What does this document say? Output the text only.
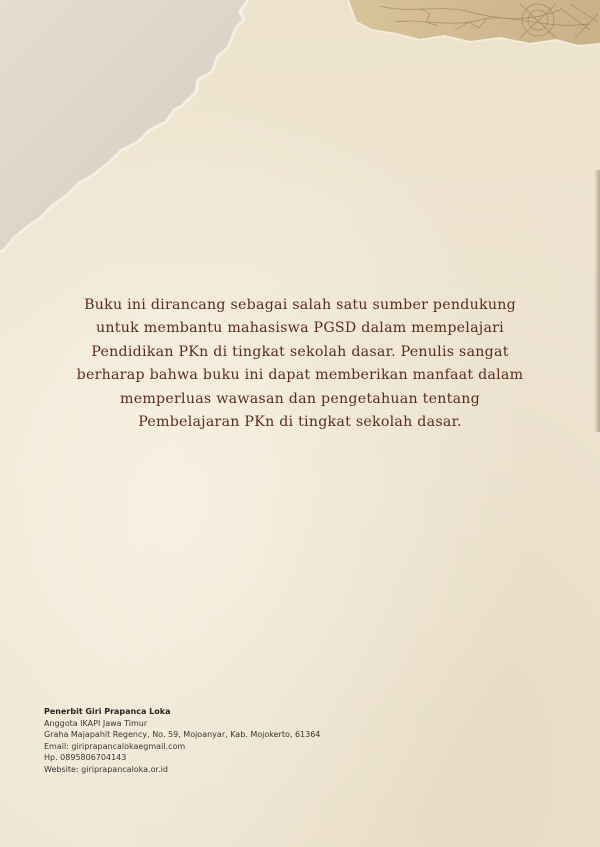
Buku ini dirancang sebagai salah satu sumber pendukung untuk membantu mahasiswa PGSD dalam mempelajari Pendidikan PKn di tingkat sekolah dasar. Penulis sangat berharap bahwa buku ini dapat memberikan manfaat dalam memperluas wawasan dan pengetahuan tentang Pembelajaran PKn di tingkat sekolah dasar.

Penerbit Giri Prapanca Loka
Anggota IKAPI Jawa Timur
Graha Majapahit Regency, No. 59, Mojoanyar, Kab. Mojokerto, 61364
Email: giriprapancalokaegmail.com
Hp. 0895806704143
Website: giriprapancaloka.or.id
